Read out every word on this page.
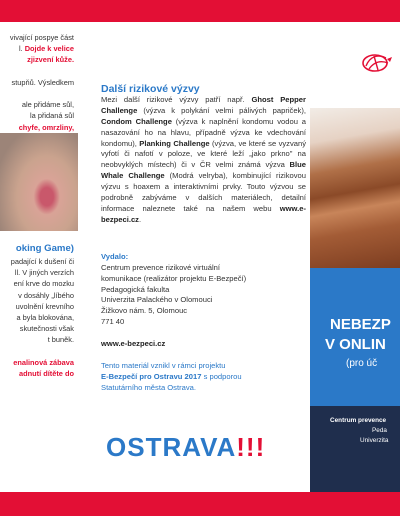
vivající pospye část

l. Dojde k velice

zjizvení kůže.

stupňů. Výsledkem

ale přidáme sůl,

la přidaná sůl

chyfe, omrzliny,

oking Game)

padající k dušení či

ll. V jiných verzích

ení krve do mozku

v dosáhly „líbého

uvolnění krevního

a byla blokována,

skutečnosti však

t buněk.

enalinová zábava

adnutí dítěte do

Další rizikové výzvy

Mezi další rizikové výzvy patří např. Ghost Pepper Challenge (výzva k polykání velmi pálivých papriček), Condom Challenge (výzva k naplnění kondomu vodou a nasazování ho na hlavu, případně výzva ke vdechování kondomu), Planking Challenge (výzva, ve které se vyzvaný vyfotí či nafotí v poloze, ve které leží „jako prkno" na neobvyklých místech) či v ČR velmi známá výzva Blue Whale Challenge (Modrá velryba), kombinující rizikovou výzvu s hoaxem a interaktivními prvky. Touto výzvou se podrobně zabýváme v dalších materiálech, detailní informace naleznete také na našem webu www.e-bezpeci.cz.

Vydalo:

Centrum prevence rizikové virtuální

komunikace (realizátor projektu E-Bezpečí)

Pedagogická fakulta

Univerzita Palackého v Olomouci

Žižkovo nám. 5, Olomouc

771 40

www.e-bezpeci.cz

Tento materiál vznikl v rámci projektu

E-Bezpečí pro Ostravu 2017 s podporou

Statutárního města Ostrava.

OSTRAVA!!!
NEBEZP
V ONLIN
(pro úč
Centrum prevence
Peda
Univerzita
